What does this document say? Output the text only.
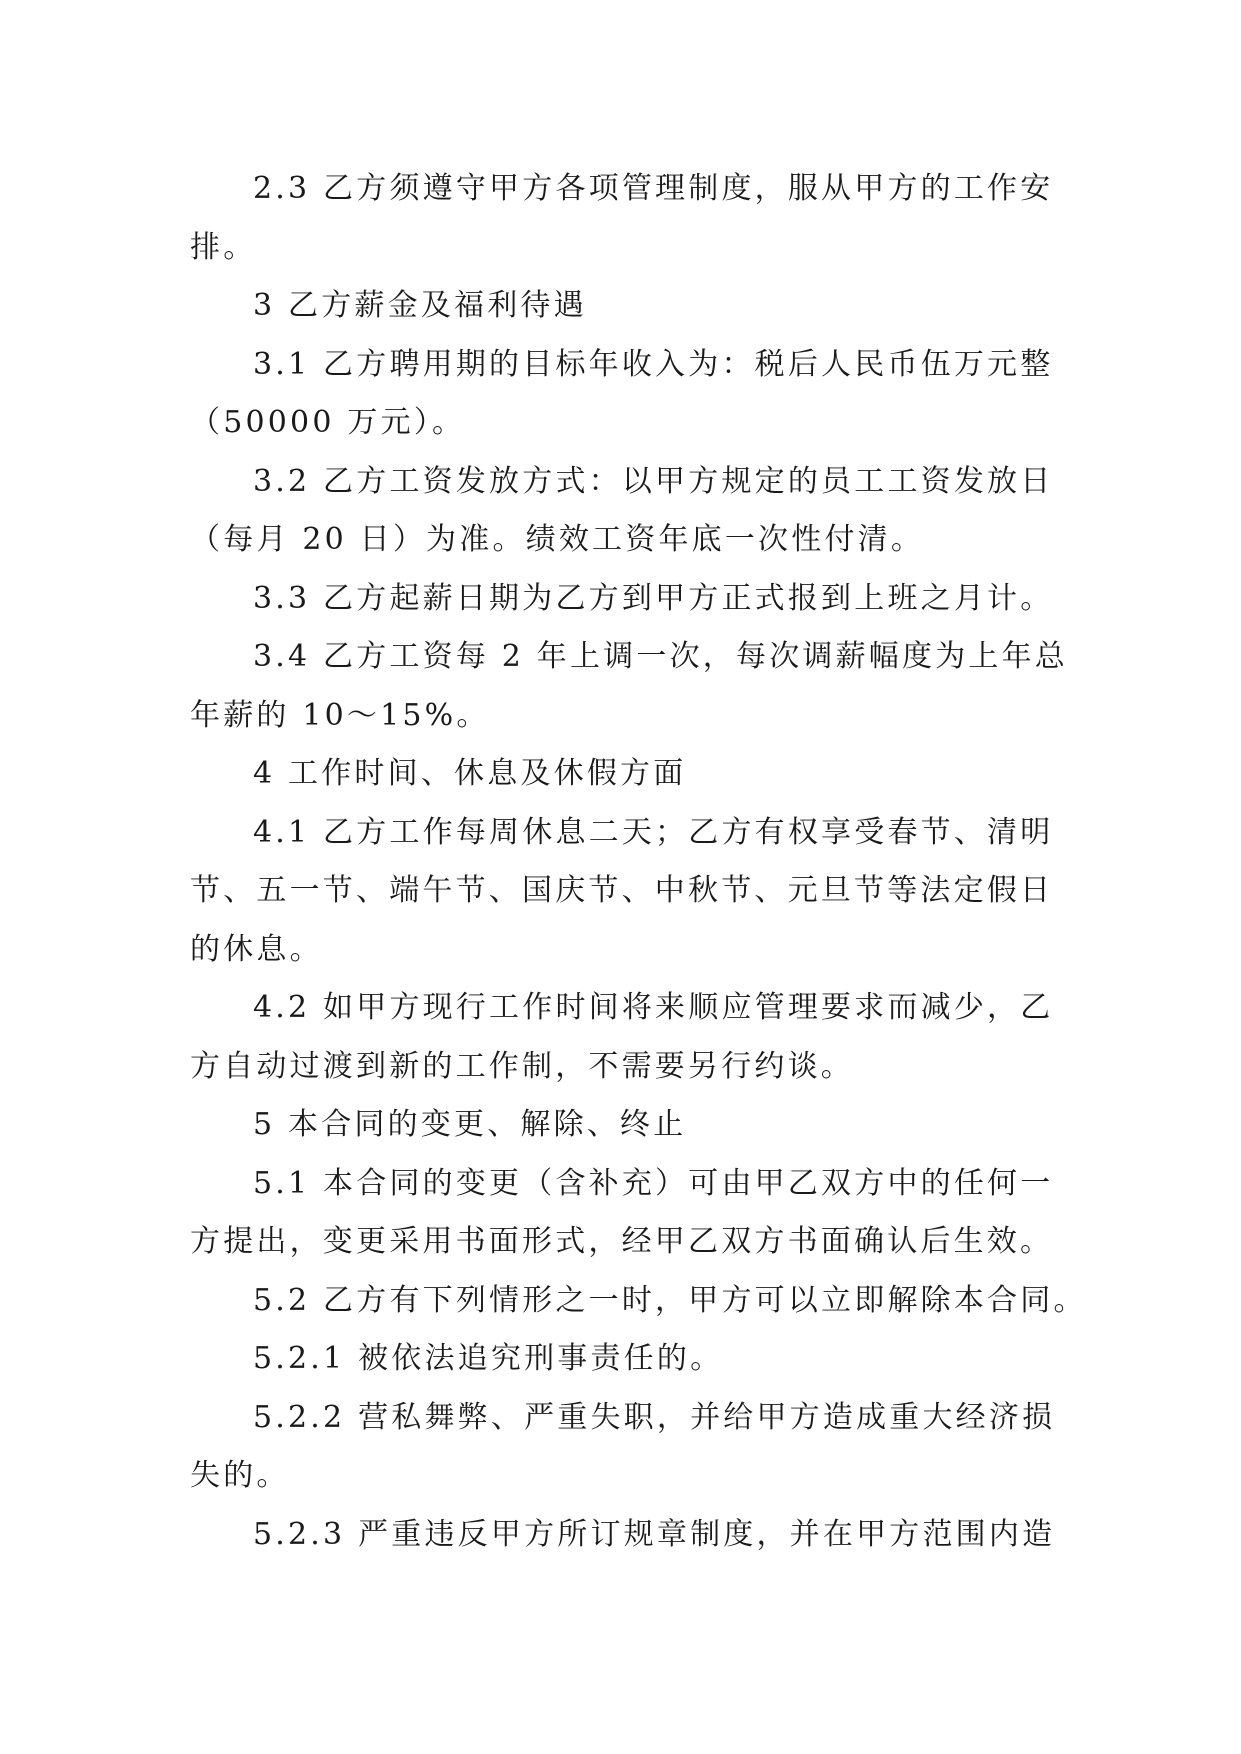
2.3 乙方须遵守甲方各项管理制度，服从甲方的工作安
排。

3 乙方薪金及福利待遇

3.1 乙方聘用期的目标年收入为：税后人民币伍万元整
（50000 万元）。

3.2 乙方工资发放方式：以甲方规定的员工工资发放日
（每月 20 日）为准。绩效工资年底一次性付清。

3.3 乙方起薪日期为乙方到甲方正式报到上班之月计。

3.4 乙方工资每 2 年上调一次，每次调薪幅度为上年总
年薪的 10～15%。

4 工作时间、休息及休假方面

4.1 乙方工作每周休息二天；乙方有权享受春节、清明
节、五一节、端午节、国庆节、中秋节、元旦节等法定假日
的休息。

4.2 如甲方现行工作时间将来顺应管理要求而减少，乙
方自动过渡到新的工作制，不需要另行约谈。

5 本合同的变更、解除、终止

5.1 本合同的变更（含补充）可由甲乙双方中的任何一
方提出，变更采用书面形式，经甲乙双方书面确认后生效。

5.2 乙方有下列情形之一时，甲方可以立即解除本合同。

5.2.1 被依法追究刑事责任的。

5.2.2 营私舞弊、严重失职，并给甲方造成重大经济损
失的。

5.2.3 严重违反甲方所订规章制度，并在甲方范围内造
